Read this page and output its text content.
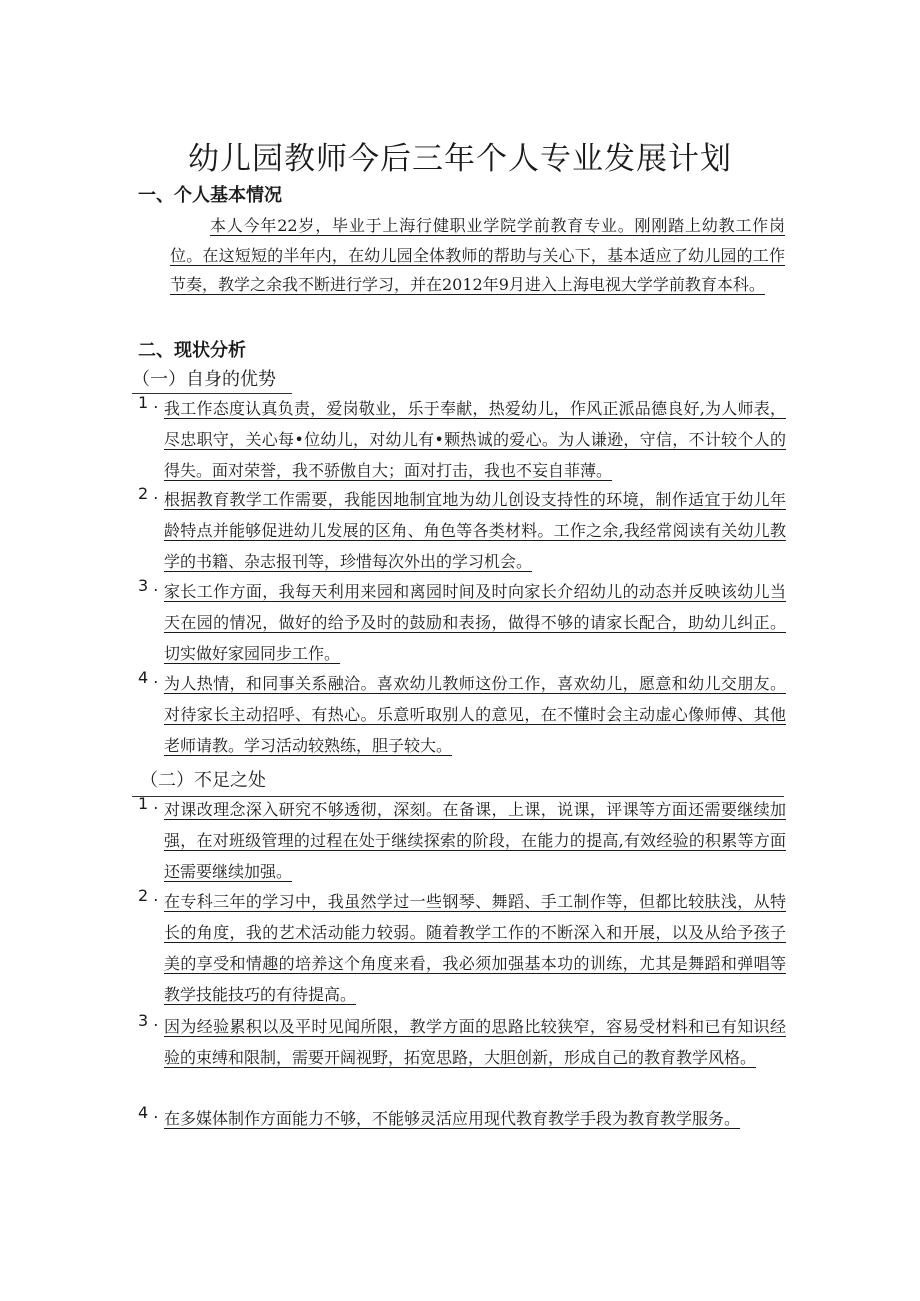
幼儿园教师今后三年个人专业发展计划
一、个人基本情况
本人今年22岁，毕业于上海行健职业学院学前教育专业。刚刚踏上幼教工作岗位。在这短短的半年内，在幼儿园全体教师的帮助与关心下，基本适应了幼儿园的工作节奏，教学之余我不断进行学习，并在2012年9月进入上海电视大学学前教育本科。
二、现状分析
（一）自身的优势
1 . 我工作态度认真负责，爱岗敬业，乐于奉献，热爱幼儿，作风正派品德良好,为人师表，尽忠职守，关心每•位幼儿，对幼儿有•颗热诚的爱心。为人谦逊，守信，不计较个人的得失。面对荣誉，我不骄傲自大；面对打击，我也不妄自菲薄。
2 . 根据教育教学工作需要，我能因地制宜地为幼儿创设支持性的环境，制作适宜于幼儿年龄特点并能够促进幼儿发展的区角、角色等各类材料。工作之余,我经常阅读有关幼儿教学的书籍、杂志报刊等，珍惜每次外出的学习机会。
3 . 家长工作方面，我每天利用来园和离园时间及时向家长介绍幼儿的动态并反映该幼儿当天在园的情况，做好的给予及时的鼓励和表扬，做得不够的请家长配合，助幼儿纠正。切实做好家园同步工作。
4 . 为人热情，和同事关系融洽。喜欢幼儿教师这份工作，喜欢幼儿，愿意和幼儿交朋友。对待家长主动招呼、有热心。乐意听取别人的意见，在不懂时会主动虚心像师傅、其他老师请教。学习活动较熟练，胆子较大。
（二）不足之处
1 . 对课改理念深入研究不够透彻，深刻。在备课，上课，说课，评课等方面还需要继续加强，在对班级管理的过程在处于继续探索的阶段，在能力的提高,有效经验的积累等方面还需要继续加强。
2 . 在专科三年的学习中，我虽然学过一些钢琴、舞蹈、手工制作等，但都比较肤浅，从特长的角度，我的艺术活动能力较弱。随着教学工作的不断深入和开展，以及从给予孩子美的享受和情趣的培养这个角度来看，我必须加强基本功的训练，尤其是舞蹈和弹唱等教学技能技巧的有待提高。
3 . 因为经验累积以及平时见闻所限，教学方面的思路比较狭窄，容易受材料和已有知识经验的束缚和限制，需要开阔视野，拓宽思路，大胆创新，形成自己的教育教学风格。
4 . 在多媒体制作方面能力不够，不能够灵活应用现代教育教学手段为教育教学服务。
